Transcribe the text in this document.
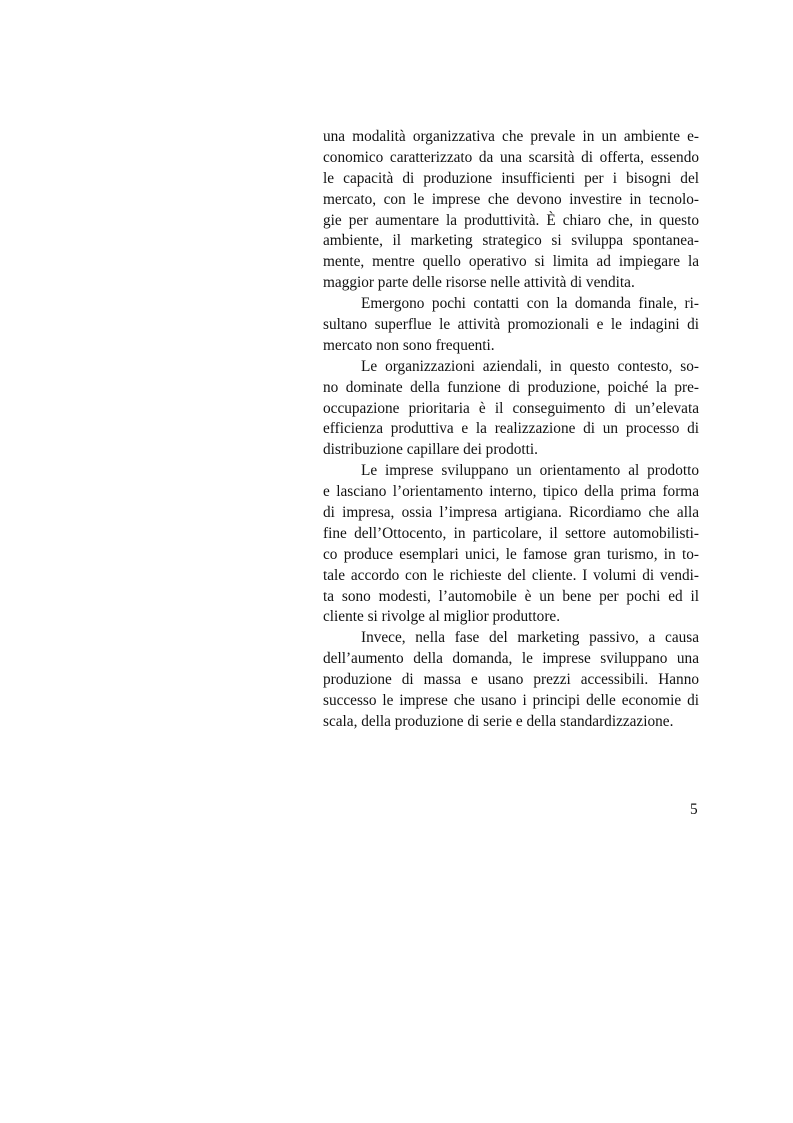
una modalità organizzativa che prevale in un ambiente e-
conomico caratterizzato da una scarsità di offerta, essendo
le capacità di produzione insufficienti per i bisogni del
mercato, con le imprese che devono investire in tecnolo-
gie per aumentare la produttività. È chiaro che, in questo
ambiente, il marketing strategico si sviluppa spontanea-
mente, mentre quello operativo si limita ad impiegare la
maggior parte delle risorse nelle attività di vendita.
Emergono pochi contatti con la domanda finale, ri-
sultano superflue le attività promozionali e le indagini di
mercato non sono frequenti.
Le organizzazioni aziendali, in questo contesto, so-
no dominate della funzione di produzione, poiché la pre-
occupazione prioritaria è il conseguimento di un’elevata
efficienza produttiva e la realizzazione di un processo di
distribuzione capillare dei prodotti.
Le imprese sviluppano un orientamento al prodotto
e lasciano l’orientamento interno, tipico della prima forma
di impresa, ossia l’impresa artigiana. Ricordiamo che alla
fine dell’Ottocento, in particolare, il settore automobilisti-
co produce esemplari unici, le famose gran turismo, in to-
tale accordo con le richieste del cliente. I volumi di vendi-
ta sono modesti, l’automobile è un bene per pochi ed il
cliente si rivolge al miglior produttore.
Invece, nella fase del marketing passivo, a causa
dell’aumento della domanda, le imprese sviluppano una
produzione di massa e usano prezzi accessibili. Hanno
successo le imprese che usano i principi delle economie di
scala, della produzione di serie e della standardizzazione.
5
